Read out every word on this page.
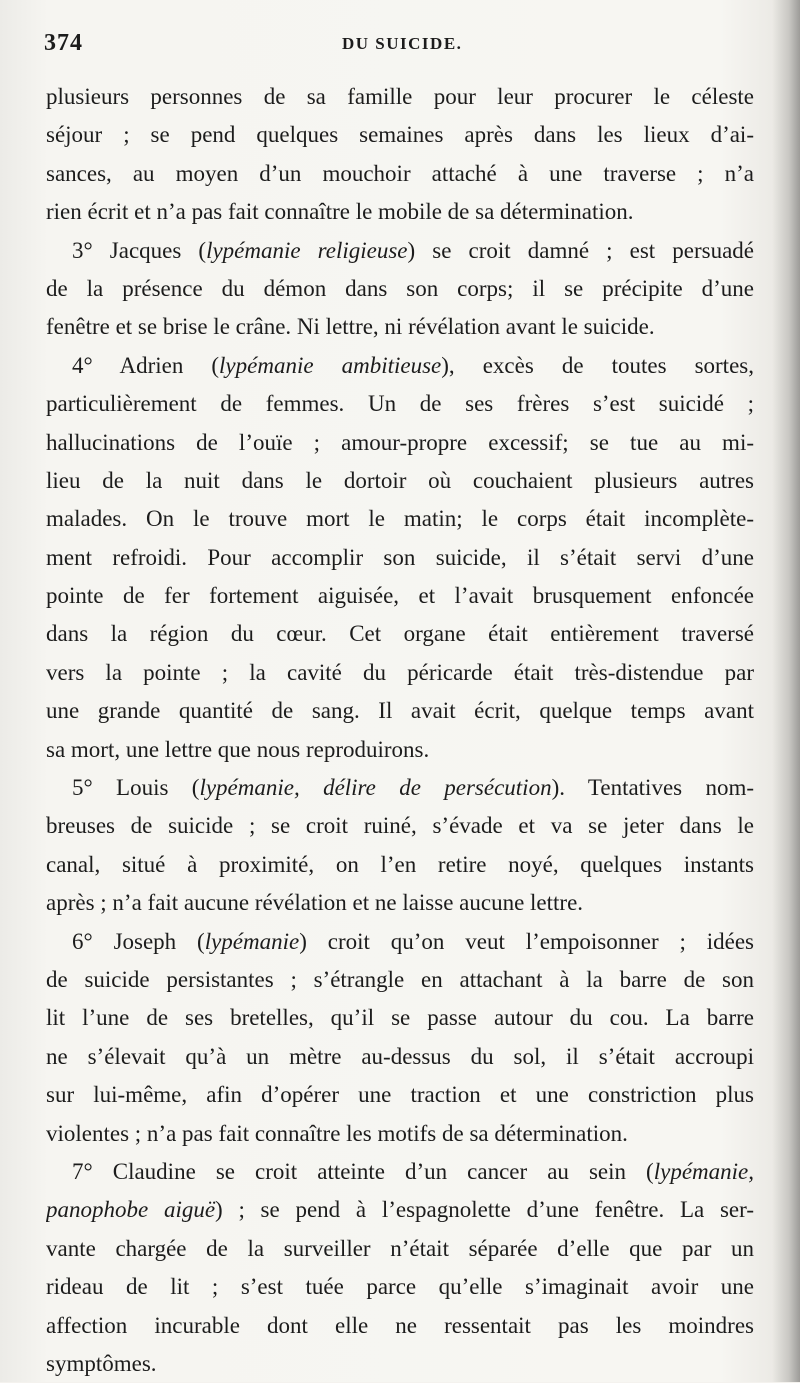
374	DU SUICIDE.
plusieurs personnes de sa famille pour leur procurer le céleste
séjour ; se pend quelques semaines après dans les lieux d’ai-
sances, au moyen d’un mouchoir attaché à une traverse ; n’a
rien écrit et n’a pas fait connaître le mobile de sa détermination.
3° Jacques (lypémanie religieuse) se croit damné ; est persuadé
de la présence du démon dans son corps; il se précipite d’une
fenêtre et se brise le crâne. Ni lettre, ni révélation avant le suicide.
4° Adrien (lypémanie ambitieuse), excès de toutes sortes,
particulièrement de femmes. Un de ses frères s’est suicidé ;
hallucinations de l’ouïe ; amour-propre excessif; se tue au mi-
lieu de la nuit dans le dortoir où couchaient plusieurs autres
malades. On le trouve mort le matin; le corps était incomplète-
ment refroidi. Pour accomplir son suicide, il s’était servi d’une
pointe de fer fortement aiguisée, et l’avait brusquement enfoncée
dans la région du cœur. Cet organe était entièrement traversé
vers la pointe ; la cavité du péricarde était très-distendue par
une grande quantité de sang. Il avait écrit, quelque temps avant
sa mort, une lettre que nous reproduirons.
5° Louis (lypémanie, délire de persécution). Tentatives nom-
breuses de suicide ; se croit ruiné, s’évade et va se jeter dans le
canal, situé à proximité, on l’en retire noyé, quelques instants
après ; n’a fait aucune révélation et ne laisse aucune lettre.
6° Joseph (lypémanie) croit qu’on veut l’empoisonner ; idées
de suicide persistantes ; s’étrangle en attachant à la barre de son
lit l’une de ses bretelles, qu’il se passe autour du cou. La barre
ne s’élevait qu’à un mètre au-dessus du sol, il s’était accroupi
sur lui-même, afin d’opérer une traction et une constriction plus
violentes ; n’a pas fait connaître les motifs de sa détermination.
7° Claudine se croit atteinte d’un cancer au sein (lypémanie,
panophobe aiguë) ; se pend à l’espagnolette d’une fenêtre. La ser-
vante chargée de la surveiller n’était séparée d’elle que par un
rideau de lit ; s’est tuée parce qu’elle s’imaginait avoir une
affection incurable dont elle ne ressentait pas les moindres
symptômes.
